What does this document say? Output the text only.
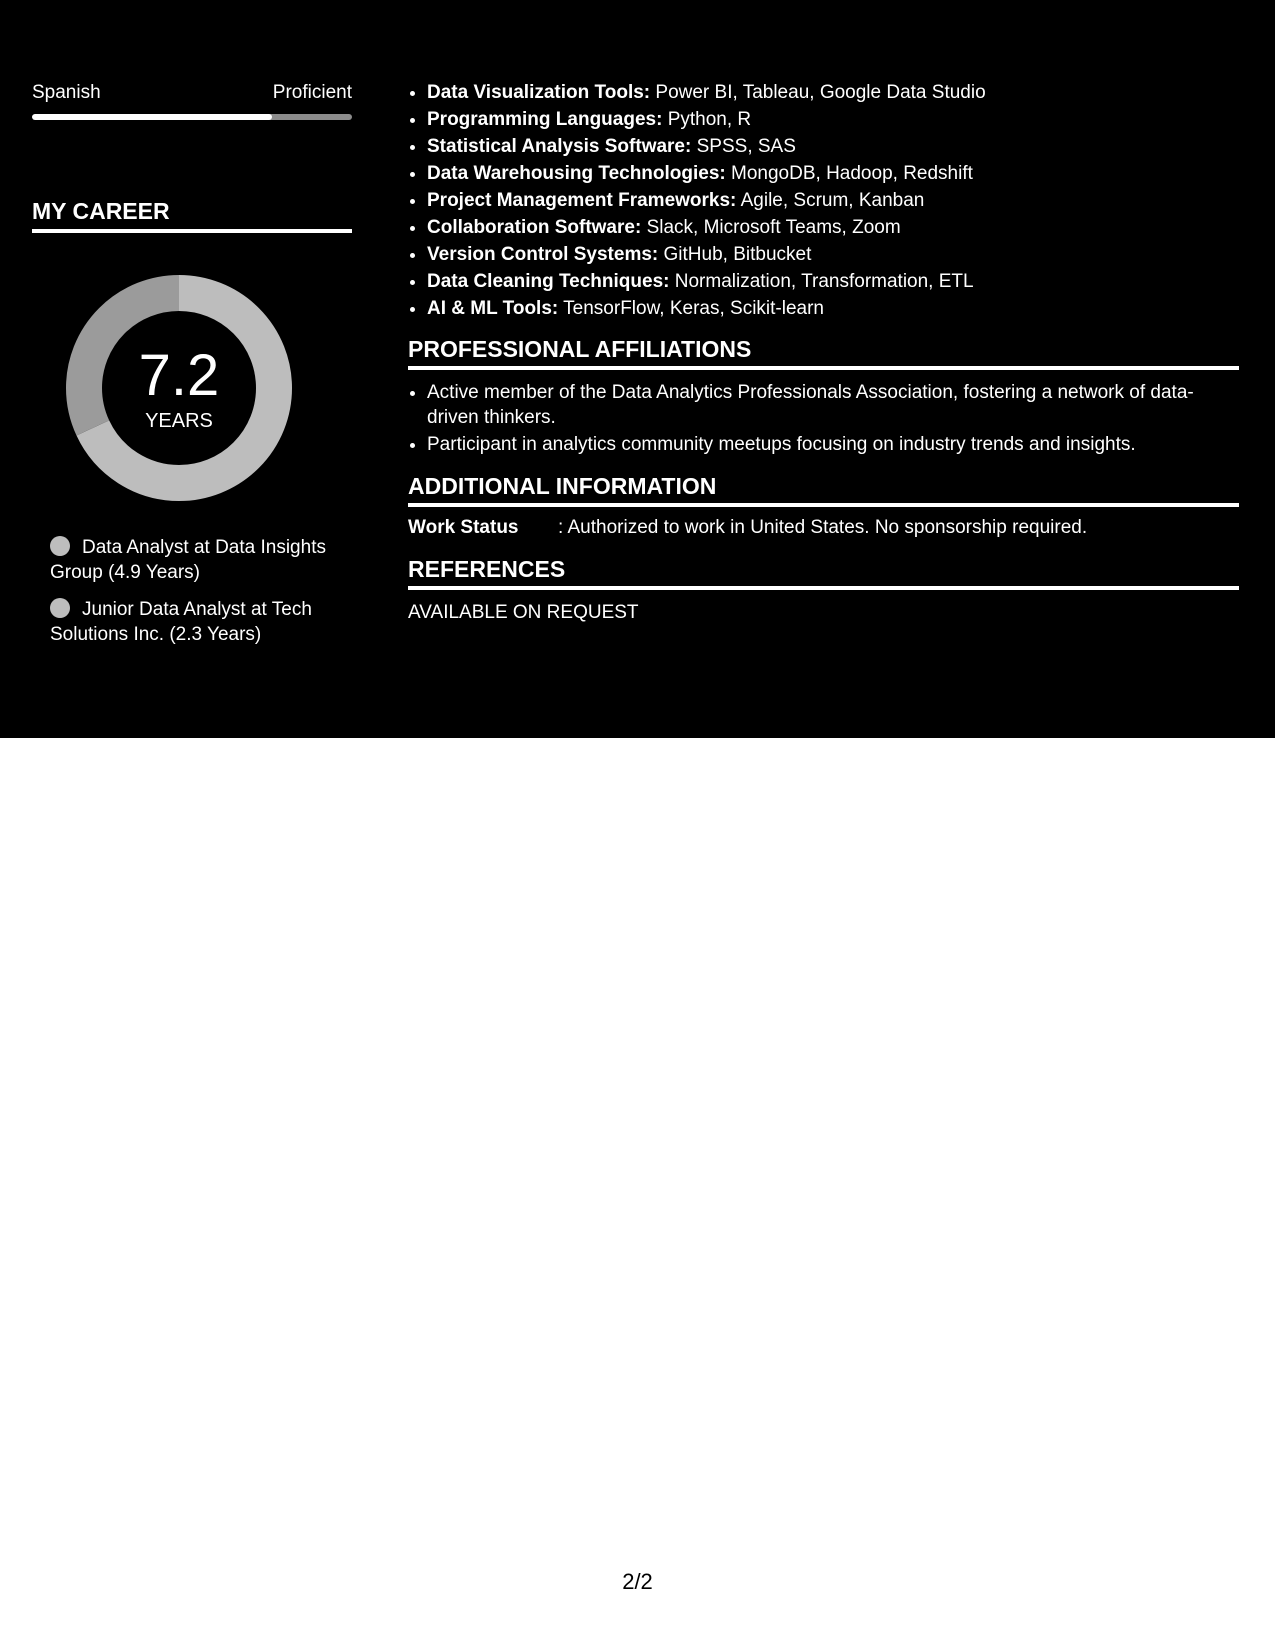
Spanish	Proficient
MY CAREER
7.2
YEARS
Data Analyst at Data Insights Group (4.9 Years)
Junior Data Analyst at Tech Solutions Inc. (2.3 Years)
• Data Visualization Tools: Power BI, Tableau, Google Data Studio
• Programming Languages: Python, R
• Statistical Analysis Software: SPSS, SAS
• Data Warehousing Technologies: MongoDB, Hadoop, Redshift
• Project Management Frameworks: Agile, Scrum, Kanban
• Collaboration Software: Slack, Microsoft Teams, Zoom
• Version Control Systems: GitHub, Bitbucket
• Data Cleaning Techniques: Normalization, Transformation, ETL
• AI & ML Tools: TensorFlow, Keras, Scikit-learn
PROFESSIONAL AFFILIATIONS
• Active member of the Data Analytics Professionals Association, fostering a network of data-driven thinkers.
• Participant in analytics community meetups focusing on industry trends and insights.
ADDITIONAL INFORMATION
Work Status	: Authorized to work in United States. No sponsorship required.
REFERENCES
AVAILABLE ON REQUEST
2/2
